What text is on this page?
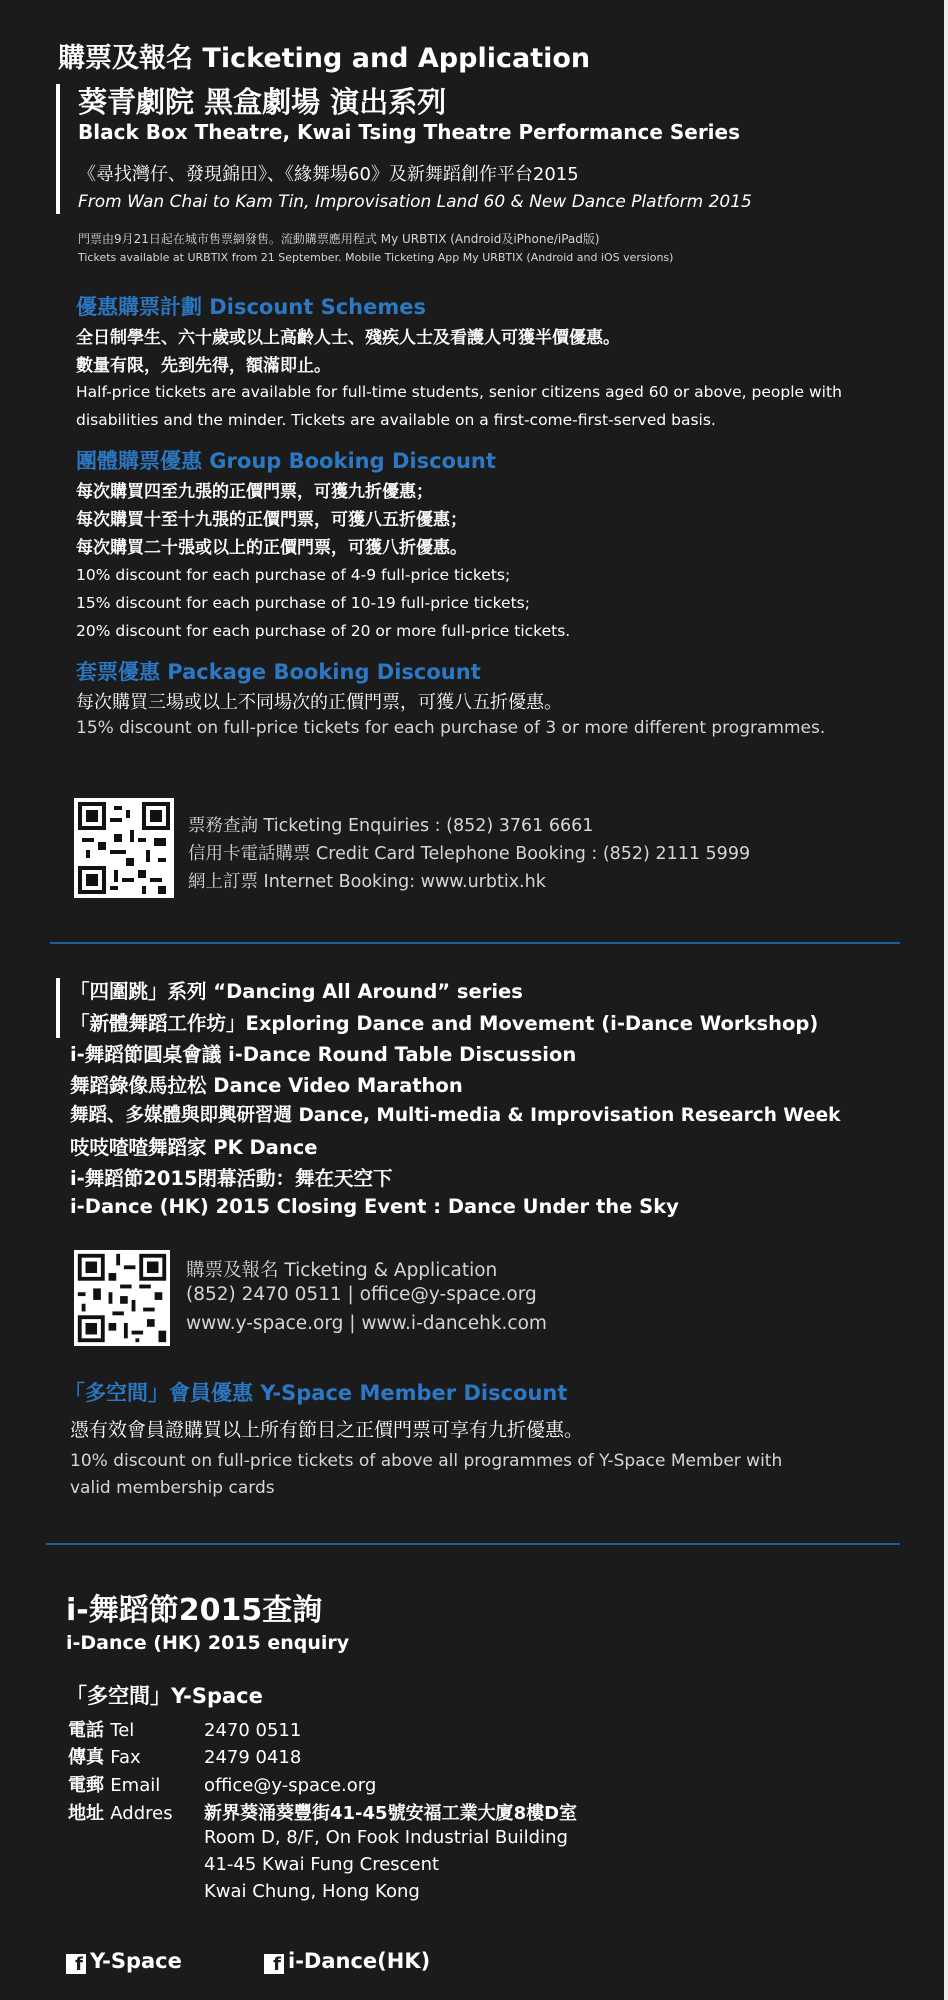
購票及報名 Ticketing and Application
葵青劇院 黑盒劇場 演出系列
Black Box Theatre, Kwai Tsing Theatre Performance Series
《尋找灣仔、發現錦田》、《緣舞場60》及新舞蹈創作平台2015
From Wan Chai to Kam Tin, Improvisation Land 60 & New Dance Platform 2015
門票由9月21日起在城市售票網發售。流動購票應用程式 My URBTIX (Android及iPhone/iPad版)
Tickets available at URBTIX from 21 September. Mobile Ticketing App My URBTIX (Android and iOS versions)
優惠購票計劃 Discount Schemes
全日制學生、六十歲或以上高齡人士、殘疾人士及看護人可獲半價優惠。
數量有限，先到先得，額滿即止。
Half-price tickets are available for full-time students, senior citizens aged 60 or above, people with
disabilities and the minder. Tickets are available on a first-come-first-served basis.
團體購票優惠 Group Booking Discount
每次購買四至九張的正價門票，可獲九折優惠；
每次購買十至十九張的正價門票，可獲八五折優惠；
每次購買二十張或以上的正價門票，可獲八折優惠。
10% discount for each purchase of 4-9 full-price tickets;
15% discount for each purchase of 10-19 full-price tickets;
20% discount for each purchase of 20 or more full-price tickets.
套票優惠 Package Booking Discount
每次購買三場或以上不同場次的正價門票，可獲八五折優惠。
15% discount on full-price tickets for each purchase of 3 or more different programmes.
票務查詢 Ticketing Enquiries : (852) 3761 6661
信用卡電話購票 Credit Card Telephone Booking : (852) 2111 5999
網上訂票 Internet Booking: www.urbtix.hk
「四圍跳」系列 “Dancing All Around” series
「新體舞蹈工作坊」Exploring Dance and Movement (i-Dance Workshop)
i-舞蹈節圓桌會議 i-Dance Round Table Discussion
舞蹈錄像馬拉松 Dance Video Marathon
舞蹈、多媒體與即興研習週 Dance, Multi-media & Improvisation Research Week
吱吱喳喳舞蹈家 PK Dance
i-舞蹈節2015閉幕活動：舞在天空下
i-Dance (HK) 2015 Closing Event : Dance Under the Sky
購票及報名 Ticketing & Application
(852) 2470 0511 | office@y-space.org
www.y-space.org | www.i-dancehk.com
「多空間」會員優惠 Y-Space Member Discount
憑有效會員證購買以上所有節目之正價門票可享有九折優惠。
10% discount on full-price tickets of above all programmes of Y-Space Member with
valid membership cards
i-舞蹈節2015查詢
i-Dance (HK) 2015 enquiry
「多空間」Y-Space
電話 Tel	2470 0511
傳真 Fax	2479 0418
電郵 Email office@y-space.org
地址 Addres 新界葵涌葵豐街41-45號安福工業大廈8樓D室
Room D, 8/F, On Fook Industrial Building
41-45 Kwai Fung Crescent
Kwai Chung, Hong Kong
f Y-Space	f i-Dance(HK)
